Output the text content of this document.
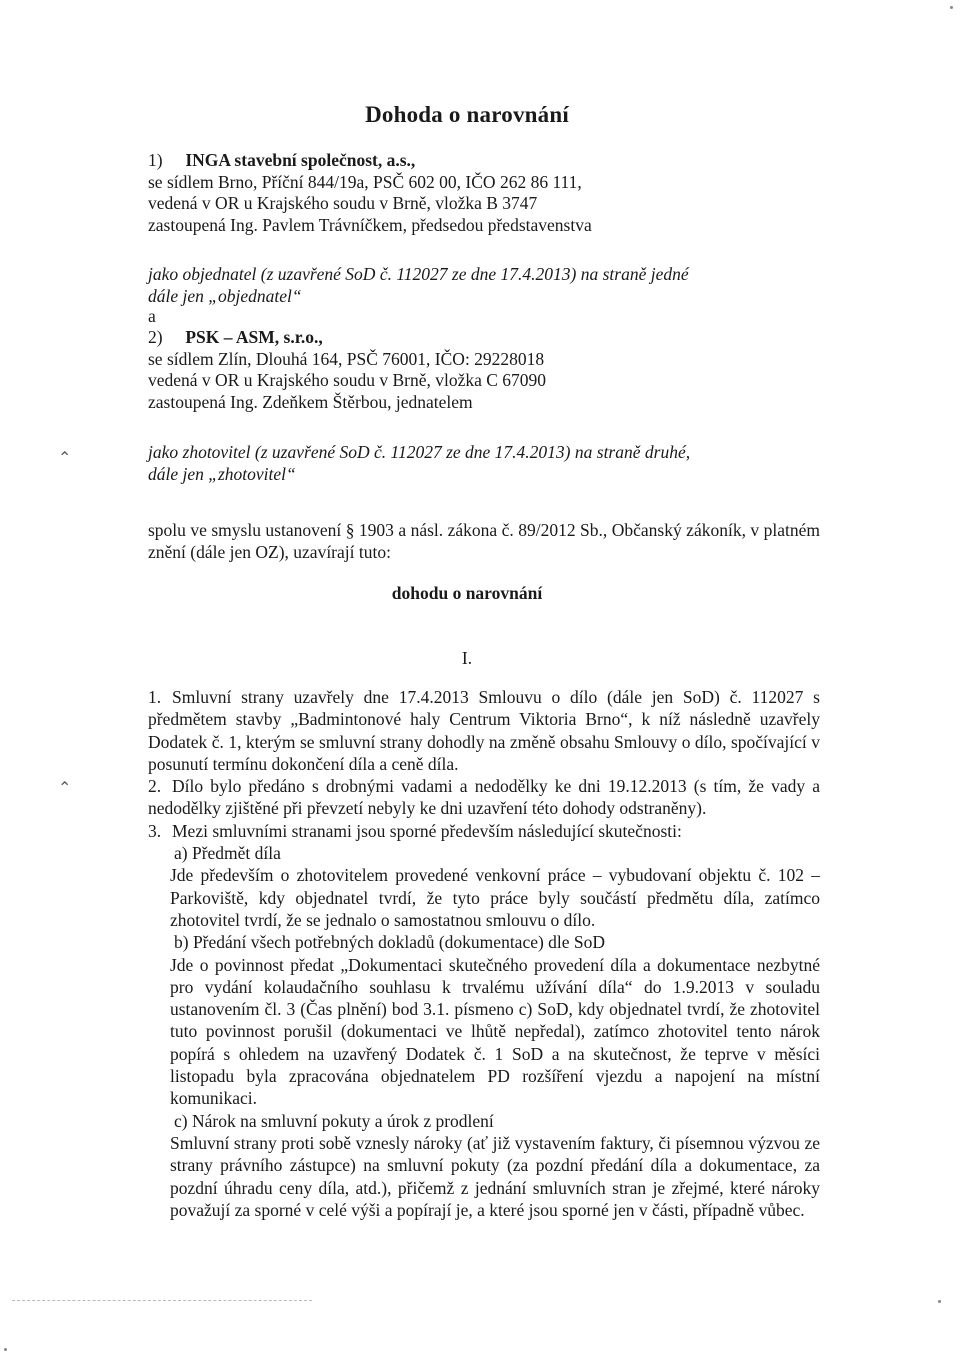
Dohoda o narovnání
1) INGA stavební společnost, a.s.,
se sídlem Brno, Příční 844/19a, PSČ 602 00, IČO 262 86 111,
vedená v OR u Krajského soudu v Brně, vložka B 3747
zastoupená Ing. Pavlem Trávníčkem, předsedou představenstva
jako objednatel (z uzavřené SoD č. 112027 ze dne 17.4.2013) na straně jedné
dále jen „objednatel“
a
2) PSK – ASM, s.r.o.,
se sídlem Zlín, Dlouhá 164, PSČ 76001, IČO: 29228018
vedená v OR u Krajského soudu v Brně, vložka C 67090
zastoupená Ing. Zdeňkem Štěrbou, jednatelem
jako zhotovitel (z uzavřené SoD č. 112027 ze dne 17.4.2013) na straně druhé,
dále jen „zhotovitel“
spolu ve smyslu ustanovení § 1903 a násl. zákona č. 89/2012 Sb., Občanský zákoník, v platném znění (dále jen OZ), uzavírají tuto:
dohodu o narovnání
I.
1. Smluvní strany uzavřely dne 17.4.2013 Smlouvu o dílo (dále jen SoD) č. 112027 s předmětem stavby „Badmintonové haly Centrum Viktoria Brno“, k níž následně uzavřely Dodatek č. 1, kterým se smluvní strany dohodly na změně obsahu Smlouvy o dílo, spočívající v posunutí termínu dokončení díla a ceně díla.
2. Dílo bylo předáno s drobnými vadami a nedodělky ke dni 19.12.2013 (s tím, že vady a nedodělky zjištěné při převzetí nebyly ke dni uzavření této dohody odstraněny).
3. Mezi smluvními stranami jsou sporné především následující skutečnosti:
a) Předmět díla
Jde především o zhotovitelem provedené venkovní práce – vybudovaní objektu č. 102 – Parkoviště, kdy objednatel tvrdí, že tyto práce byly součástí předmětu díla, zatímco zhotovitel tvrdí, že se jednalo o samostatnou smlouvu o dílo.
b) Předání všech potřebných dokladů (dokumentace) dle SoD
Jde o povinnost předat „Dokumentaci skutečného provedení díla a dokumentace nezbytné pro vydání kolaudačního souhlasu k trvalému užívání díla“ do 1.9.2013 v souladu ustanovením čl. 3 (Čas plnění) bod 3.1. písmeno c) SoD, kdy objednatel tvrdí, že zhotovitel tuto povinnost porušil (dokumentaci ve lhůtě nepředal), zatímco zhotovitel tento nárok popírá s ohledem na uzavřený Dodatek č. 1 SoD a na skutečnost, že teprve v měsíci listopadu byla zpracována objednatelem PD rozšíření vjezdu a napojení na místní komunikaci.
c) Nárok na smluvní pokuty a úrok z prodlení
Smluvní strany proti sobě vznesly nároky (ať již vystavením faktury, či písemnou výzvou ze strany právního zástupce) na smluvní pokuty (za pozdní předání díla a dokumentace, za pozdní úhradu ceny díla, atd.), přičemž z jednání smluvních stran je zřejmé, které nároky považují za sporné v celé výši a popírají je, a které jsou sporné jen v části, případně vůbec.
⌃
⌃
